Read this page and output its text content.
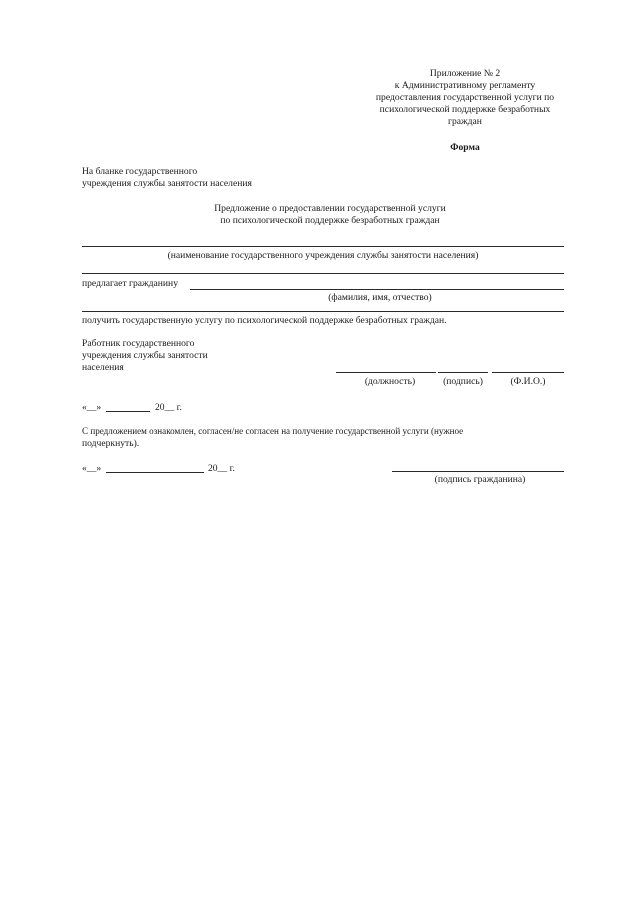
Приложение № 2
к Административному регламенту
предоставления государственной услуги по
психологической поддержке безработных
граждан
Форма
На бланке государственного
учреждения службы занятости населения
Предложение о предоставлении государственной услуги
по психологической поддержке безработных граждан
(наименование государственного учреждения службы занятости населения)
предлагает гражданину
(фамилия, имя, отчество)
получить государственную услугу по психологической поддержке безработных граждан.
Работник государственного
учреждения службы занятости
населения
(должность)	(подпись)	(Ф.И.О.)
«__»	20__ г.
С предложением ознакомлен, согласен/не согласен на получение государственной услуги (нужное
подчеркнуть).
«__»	20__ г.
(подпись гражданина)
